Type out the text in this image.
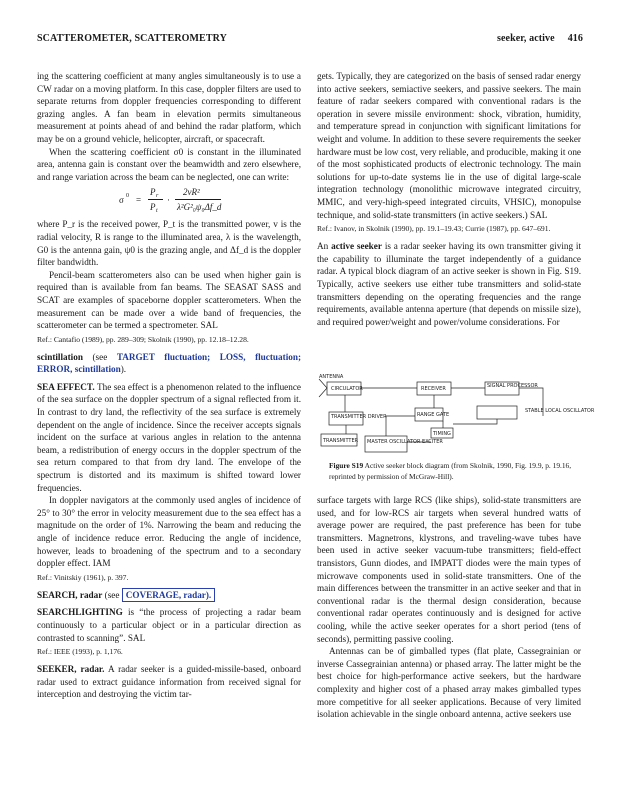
SCATTEROMETER, SCATTEROMETRY	seeker, active     416

ing the scattering coefficient at many angles simultaneously is to use a CW radar on a moving platform. In this case, doppler filters are used to separate returns from doppler frequencies corresponding to different grazing angles. A fan beam in elevation permits simultaneous measurement at points ahead of and behind the radar platform, which may be on a ground vehicle, helicopter, aircraft, or spacecraft.

When the scattering coefficient σ0 is constant in the illuminated area, antenna gain is constant over the beamwidth and zero elsewhere, and range variation across the beam can be neglected, one can write:

σ 0 =
P r
P t
·
2vR²
λ²G²₀ψ₀Δf_d

where P_r is the received power, P_t is the transmitted power, v is the radial velocity, R is range to the illuminated area, λ is the wavelength, G0 is the antenna gain, ψ0 is the grazing angle, and Δf_d is the doppler filter bandwidth.

Pencil-beam scatterometers also can be used when higher gain is required than is available from fan beams. The SEASAT SASS and SCAT are examples of spaceborne doppler scatterometers. When the measurement can be made over a wide band of frequencies, the scatterometer can be termed a spectrometer. SAL

Ref.: Cantafio (1989), pp. 289–309; Skolnik (1990), pp. 12.18–12.28.

scintillation (see TARGET fluctuation; LOSS, fluctuation; ERROR, scintillation).

SEA EFFECT. The sea effect is a phenomenon related to the influence of the sea surface on the doppler spectrum of a signal reflected from it. In contrast to dry land, the reflectivity of the sea surface is extremely dependent on the angle of incidence. Since the receiver accepts signals incident on the surface at various angles in relation to the antenna beam, a redistribution of energy occurs in the doppler spectrum of the sea return compared to that from dry land. The envelope of the spectrum is distorted and its maximum is shifted toward lower frequencies.

In doppler navigators at the commonly used angles of incidence of 25° to 30° the error in velocity measurement due to the sea effect has a magnitude on the order of 1%. Narrowing the beam and reducing the angle of incidence reduce error. Reducing the angle of incidence, however, leads to broadening of the spectrum and to a secondary doppler effect. IAM

Ref.: Vinitskiy (1961), p. 397.

SEARCH, radar (see COVERAGE, radar).

SEARCHLIGHTING is “the process of projecting a radar beam continuously to a particular object or in a particular direction as contrasted to scanning”. SAL

Ref.: IEEE (1993), p. 1,176.

SEEKER, radar. A radar seeker is a guided-missile-based, onboard radar used to extract guidance information from received signal for interception and destroying the victim tar-

gets. Typically, they are categorized on the basis of sensed radar energy into active seekers, semiactive seekers, and passive seekers. The main feature of radar seekers compared with conventional radars is the operation in severe missile environment: shock, vibration, humidity, and temperature spread in conjunction with significant limitations for weight and volume. In addition to these severe requirements the seeker hardware must be low cost, very reliable, and producible, making it one of the most sophisticated products of electronic technology. The main solutions for up-to-date systems lie in the use of digital large-scale integration technology (monolithic microwave integrated circuitry, MMIC, and very-high-speed integrated circuits, VHSIC), monopulse technique, and solid-state transmitters (in active seekers.) SAL

Ref.: Ivanov, in Skolnik (1990), pp. 19.1–19.43; Currie (1987), pp. 647–691.

An active seeker is a radar seeker having its own transmitter giving it the capability to illuminate the target independently of a guidance radar. A typical block diagram of an active seeker is shown in Fig. S19. Typically, active seekers use either tube transmitters and solid-state transmitters depending on the operating frequencies and the range requirements, available antenna aperture (that depends on missile size), and required power/weight and power/volume considerations. For

CIRCULATOR	RECEIVER	SIGNAL PROCESSOR
TRANSMITTER DRIVER	RANGE GATE
TRANSMITTER
TIMING
MASTER OSCILLATOR EXCITER
STABLE LOCAL OSCILLATOR
ANTENNA
Figure S19 Active seeker block diagram (from Skolnik, 1990, Fig. 19.9, p. 19.16, reprinted by permission of McGraw-Hill).

surface targets with large RCS (like ships), solid-state transmitters are used, and for low-RCS air targets when several hundred watts of average power are required, the past preference has been for tube transmitters. Magnetrons, klystrons, and traveling-wave tubes have been used in active seeker vacuum-tube transmitters; field-effect transistors, Gunn diodes, and IMPATT diodes were the main types of microwave components used in solid-state transmitters. One of the main differences between the transmitter in an active seeker and that in conventional radar is the thermal design consideration, because conventional radar operates continuously and is designed for active cooling, while the active seeker operates for a short period (tens of seconds), permitting passive cooling.

Antennas can be of gimballed types (flat plate, Cassegrainian or inverse Cassegrainian antenna) or phased array. The latter might be the best choice for high-performance active seekers, but the hardware complexity and higher cost of a phased array makes gimballed types more competitive for all seeker applications. Because of very limited isolation achievable in the single onboard antenna, active seekers use
